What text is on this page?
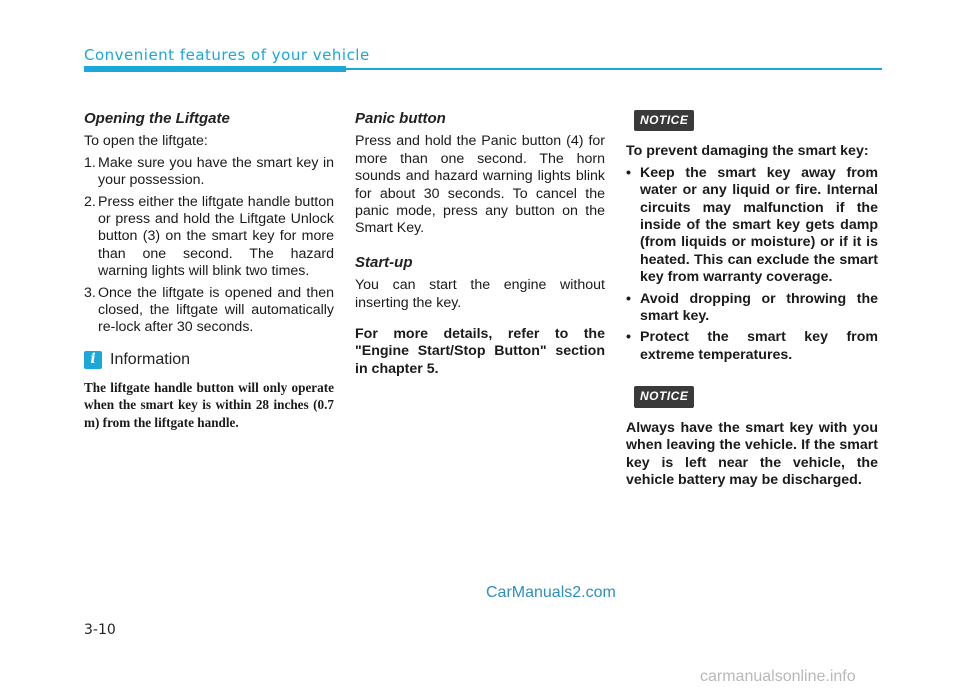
Convenient features of your vehicle
Opening the Liftgate

To open the liftgate:

1. Make sure you have the smart key in your possession.
2. Press either the liftgate handle button or press and hold the Liftgate Unlock button (3) on the smart key for more than one second. The hazard warning lights will blink two times.
3. Once the liftgate is opened and then closed, the liftgate will automatically re-lock after 30 seconds.
i Information
The liftgate handle button will only operate when the smart key is within 28 inches (0.7 m) from the liftgate handle.
Panic button

Press and hold the Panic button (4) for more than one second. The horn sounds and hazard warning lights blink for about 30 seconds. To cancel the panic mode, press any button on the Smart Key.

Start-up

You can start the engine without inserting the key.

For more details, refer to the "Engine Start/Stop Button" section in chapter 5.

NOTICE

To prevent damaging the smart key:

• Keep the smart key away from water or any liquid or fire. Internal circuits may malfunction if the inside of the smart key gets damp (from liquids or moisture) or if it is heated. This can exclude the smart key from warranty coverage.
• Avoid dropping or throwing the smart key.
• Protect the smart key from extreme temperatures.
NOTICE

Always have the smart key with you when leaving the vehicle. If the smart key is left near the vehicle, the vehicle battery may be discharged.

CarManuals2.com
3-10
carmanualsonline.info
